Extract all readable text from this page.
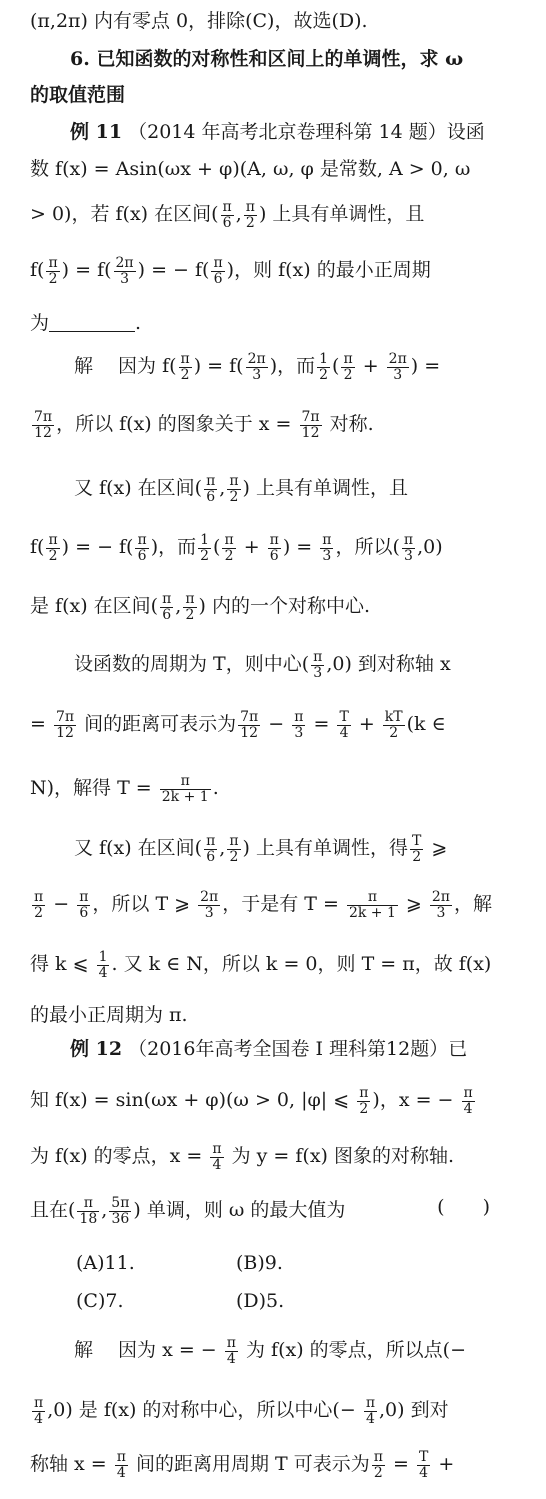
(π,2π) 内有零点 0，排除(C)，故选(D).
6. 已知函数的对称性和区间上的单调性，求 ω
的取值范围
例 11 （2014 年高考北京卷理科第 14 题）设函
数 f(x) = Asin(ωx + φ)(A, ω, φ 是常数, A > 0, ω
> 0)，若 f(x) 在区间( $\frac{\pi}{6}$ , $\frac{\pi}{2}$ ) 上具有单调性，且
$f( \frac{\pi}{2}$ ) = $f( \frac{2\pi}{3}$ ) = − $f( \frac{\pi}{6}$ )，则 f(x) 的最小正周期
为	.
解　 因为 $f( \frac{\pi}{2}$ ) = $f( \frac{2\pi}{3}$ )，而 $\frac{1}{2}$ ( $\frac{\pi}{2} + \frac{2\pi}{3}$ ) =
$\frac{7\pi}{12}$ ，所以 f(x) 的图象关于 $x = \frac{7\pi}{12}$ 对称.
又 f(x) 在区间( $\frac{\pi}{6}$ , $\frac{\pi}{2}$ ) 上具有单调性，且
$f( \frac{\pi}{2}$ ) = − $f( \frac{\pi}{6}$ )，而 $\frac{1}{2}$ ( $\frac{\pi}{2} + \frac{\pi}{6}$ ) = $\frac{\pi}{3}$ ，所以( $\frac{\pi}{3} ,0$)
是 f(x) 在区间( $\frac{\pi}{6}$ , $\frac{\pi}{2}$ ) 内的一个对称中心.
设函数的周期为 T，则中心( $\frac{\pi}{3} ,0$) 到对称轴 x
= $\frac{7\pi}{12}$ 间的距离可表示为 $\frac{7\pi}{12} - \frac{\pi}{3} = \frac{T}{4} + \frac{kT}{2} (k$ ∈
N)，解得 $T = \frac{\pi}{2k + 1}$ .
又 f(x) 在区间( $\frac{\pi}{6}$ , $\frac{\pi}{2}$ ) 上具有单调性，得 $\frac{T}{2}$ ⩾
$\frac{\pi}{2} - \frac{\pi}{6}$ ，所以 T ⩾ $\frac{2\pi}{3}$ ，于是有 $T = \frac{\pi}{2k + 1}$ ⩾ $\frac{2\pi}{3}$ ，解
得 k ⩽ $\frac{1}{4}$ . 又 k ∈ N，所以 k = 0，则 T = π，故 f(x)
的最小正周期为 π.
例 12 （2016年高考全国卷 Ⅰ 理科第12题）已
知 f(x) = sin(ωx + φ)(ω > 0, |φ| ⩽ $\frac{\pi}{2}$ )，x = − $\frac{\pi}{4}$
为 f(x) 的零点，$x = \frac{\pi}{4}$ 为 y = f(x) 图象的对称轴.
且在( $\frac{\pi}{18}$ , $\frac{5\pi}{36}$ ) 单调，则 ω 的最大值为	(　　)
(A)11.	(B)9.
(C)7.	(D)5.
解　 因为 x = − $\frac{\pi}{4}$ 为 f(x) 的零点，所以点(−
$\frac{\pi}{4} ,0$) 是 f(x) 的对称中心，所以中心(− $\frac{\pi}{4} ,0$) 到对
称轴 $x = \frac{\pi}{4}$ 间的距离用周期 T 可表示为 $\frac{\pi}{2} = \frac{T}{4}$ +
